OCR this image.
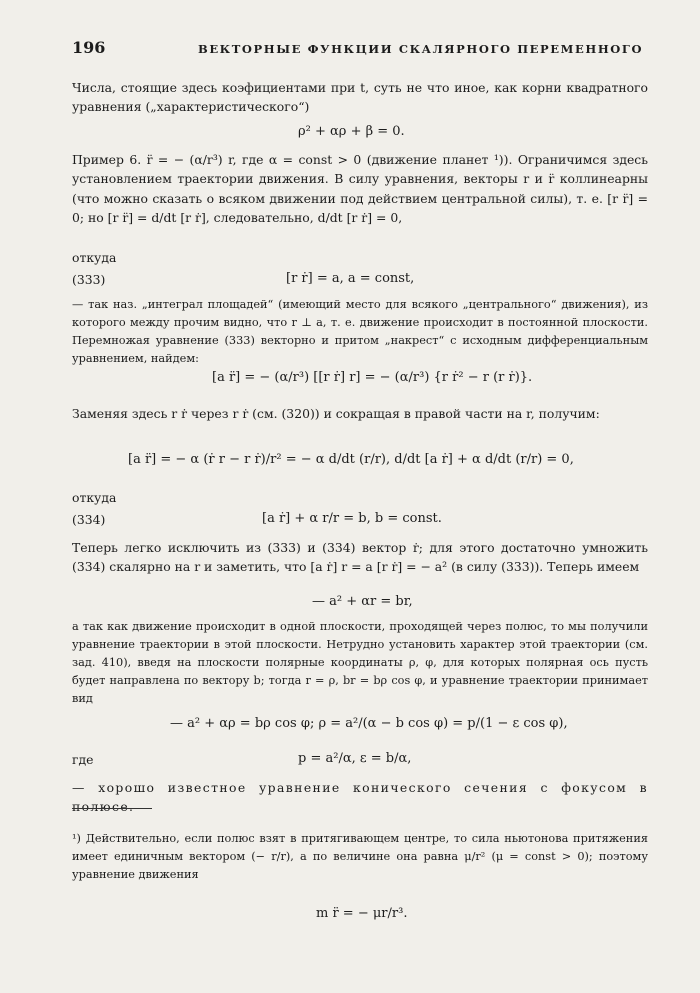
196	ВЕКТОРНЫЕ ФУНКЦИИ СКАЛЯРНОГО ПЕРЕМЕННОГО
Числа, стоящие здесь коэфициентами при t, суть не что иное, как корни квадратного уравнения („характеристического“)
ρ² + αρ + β = 0.
Пример 6. r̈ = − (α/r³) r, где α = const > 0 (движение планет ¹)). Ограничимся здесь установлением траектории движения. В силу уравнения, векторы r и r̈ коллинеарны (что можно сказать о всяком движении под действием центральной силы), т. е. [r r̈] = 0; но [r r̈] = d/dt [r ṙ], следовательно, d/dt [r ṙ] = 0,
откуда
(333)	[r ṙ] = a, a = const,
— так наз. „интеграл площадей“ (имеющий место для всякого „центрального“ движения), из которого между прочим видно, что r ⊥ a, т. е. движение происходит в постоянной плоскости. Перемножая уравнение (333) векторно и притом „накрест“ с исходным дифференциальным уравнением, найдем:
[a r̈] = − (α/r³) [[r ṙ] r] = − (α/r³) {r ṙ² − r (r ṙ)}.
Заменяя здесь r ṙ через r ṙ (см. (320)) и сокращая в правой части на r, получим:
[a r̈] = − α (ṙ r − r ṙ)/r² = − α d/dt (r/r), d/dt [a ṙ] + α d/dt (r/r) = 0,
откуда
(334)	[a ṙ] + α r/r = b, b = const.
Теперь легко исключить из (333) и (334) вектор ṙ; для этого достаточно умножить (334) скалярно на r и заметить, что [a ṙ] r = a [r ṙ] = − a² (в силу (333)). Теперь имеем
— a² + αr = br,
а так как движение происходит в одной плоскости, проходящей через полюс, то мы получили уравнение траектории в этой плоскости. Нетрудно установить характер этой траектории (см. зад. 410), введя на плоскости полярные координаты ρ, φ, для которых полярная ось пусть будет направлена по вектору b; тогда r = ρ, br = bρ cos φ, и уравнение траектории принимает вид
— a² + αρ = bρ cos φ; ρ = a²/(α − b cos φ) = p/(1 − ε cos φ),
где	p = a²/α, ε = b/α,
— хорошо известное уравнение конического сечения с фокусом в полюсе.
¹) Действительно, если полюс взят в притягивающем центре, то сила ньютонова притяжения имеет единичным вектором (− r/r), а по величине она равна μ/r² (μ = const > 0); поэтому уравнение движения
m r̈ = − μr/r³.
